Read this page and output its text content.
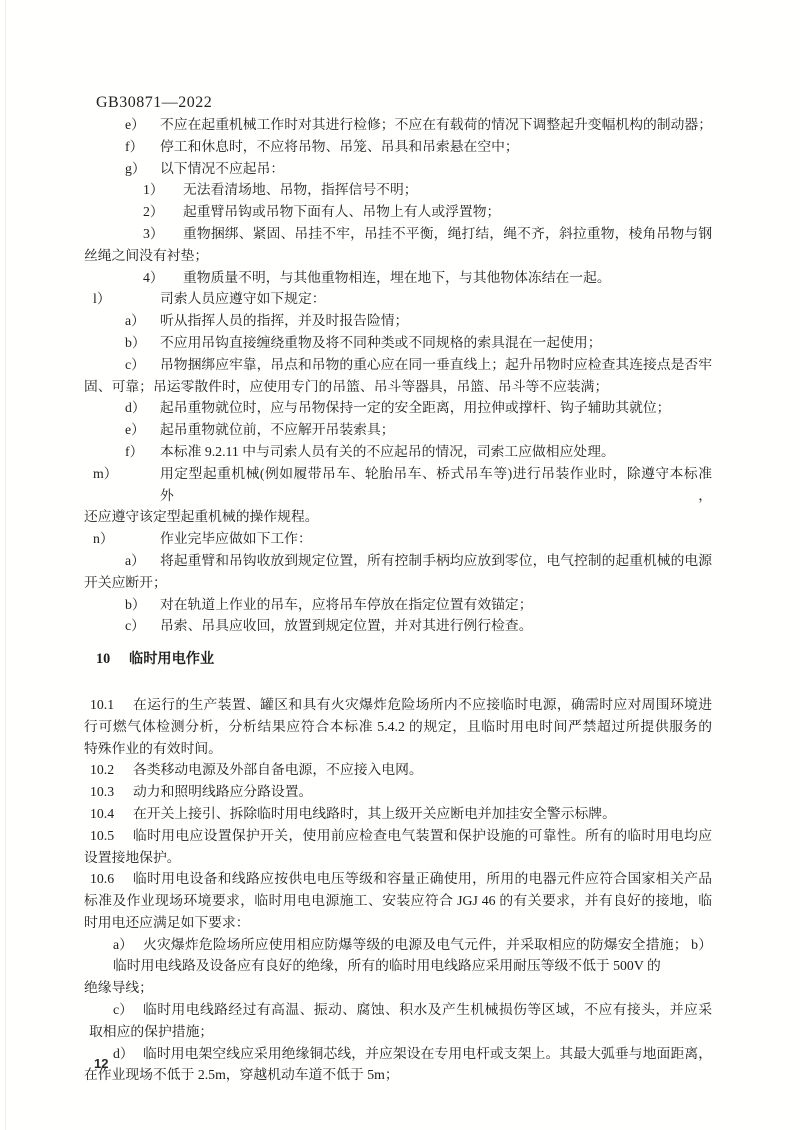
GB30871—2022
e）	不应在起重机械工作时对其进行检修；不应在有载荷的情况下调整起升变幅机构的制动器；
f）	停工和休息时，不应将吊物、吊笼、吊具和吊索悬在空中；
g）	以下情况不应起吊：
1）	无法看清场地、吊物，指挥信号不明；
2）	起重臂吊钩或吊物下面有人、吊物上有人或浮置物；
3）	重物捆绑、紧固、吊挂不牢，吊挂不平衡，绳打结，绳不齐，斜拉重物，棱角吊物与钢
丝绳之间没有衬垫；
4）	重物质量不明，与其他重物相连，埋在地下，与其他物体冻结在一起。
l）	司索人员应遵守如下规定：
a）	听从指挥人员的指挥，并及时报告险情；
b）	不应用吊钩直接缠绕重物及将不同种类或不同规格的索具混在一起使用；
c）	吊物捆绑应牢靠，吊点和吊物的重心应在同一垂直线上；起升吊物时应检查其连接点是否牢
固、可靠；吊运零散件时，应使用专门的吊篮、吊斗等器具，吊篮、吊斗等不应装满；
d）	起吊重物就位时，应与吊物保持一定的安全距离，用拉伸或撑杆、钩子辅助其就位；
e）	起吊重物就位前，不应解开吊装索具；
f）	本标准 9.2.11 中与司索人员有关的不应起吊的情况，司索工应做相应处理。
m）	用定型起重机械(例如履带吊车、轮胎吊车、桥式吊车等)进行吊装作业时，除遵守本标准外，
还应遵守该定型起重机械的操作规程。
n）	作业完毕应做如下工作：
a）	将起重臂和吊钩收放到规定位置，所有控制手柄均应放到零位，电气控制的起重机械的电源
开关应断开；
b）	对在轨道上作业的吊车，应将吊车停放在指定位置有效锚定；
c）	吊索、吊具应收回，放置到规定位置，并对其进行例行检查。
10	临时用电作业
10.1	在运行的生产装置、罐区和具有火灾爆炸危险场所内不应接临时电源，确需时应对周围环境进
行可燃气体检测分析，分析结果应符合本标准 5.4.2 的规定，且临时用电时间严禁超过所提供服务的
特殊作业的有效时间。
10.2	各类移动电源及外部自备电源，不应接入电网。
10.3	动力和照明线路应分路设置。
10.4	在开关上接引、拆除临时用电线路时，其上级开关应断电并加挂安全警示标牌。
10.5	临时用电应设置保护开关，使用前应检查电气装置和保护设施的可靠性。所有的临时用电均应
设置接地保护。
10.6	临时用电设备和线路应按供电电压等级和容量正确使用，所用的电器元件应符合国家相关产品
标准及作业现场环境要求，临时用电电源施工、安装应符合 JGJ 46 的有关要求，并有良好的接地，临
时用电还应满足如下要求：
a） 火灾爆炸危险场所应使用相应防爆等级的电源及电气元件，并采取相应的防爆安全措施； b）
临时用电线路及设备应有良好的绝缘，所有的临时用电线路应采用耐压等级不低于 500V 的
绝缘导线；
c） 临时用电线路经过有高温、振动、腐蚀、积水及产生机械损伤等区域，不应有接头，并应采
取相应的保护措施；
d） 临时用电架空线应采用绝缘铜芯线，并应架设在专用电杆或支架上。其最大弧垂与地面距离，
在作业现场不低于 2.5m，穿越机动车道不低于 5m；
12
